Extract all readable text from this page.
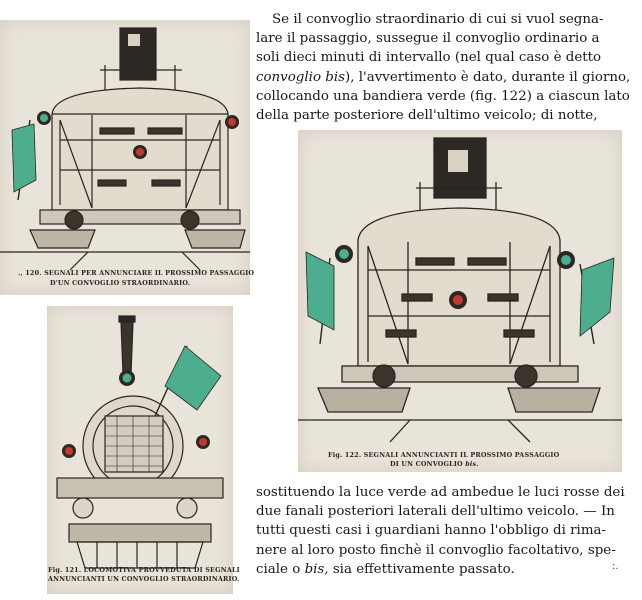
., 120. SEGNALI PER ANNUNCIARE IL PROSSIMO PASSAGGIO
D'UN CONVOGLIO STRAORDINARIO.
Fig. 121. LOCOMOTIVA PROVVEDUTA DI SEGNALI
ANNUNCIANTI UN CONVOGLIO STRAORDINARIO.
Se il convoglio straordinario di cui si vuol segna-
lare il passaggio, sussegue il convoglio ordinario a
soli dieci minuti di intervallo (nel qual caso è detto
convoglio bis), l'avvertimento è dato, durante il giorno,
collocando una bandiera verde (fig. 122) a ciascun lato
della parte posteriore dell'ultimo veicolo; di notte,
Fig. 122. SEGNALI ANNUNCIANTI IL PROSSIMO PASSAGGIO
DI UN CONVOGLIO bis.
sostituendo la luce verde ad ambedue le luci rosse dei
due fanali posteriori laterali dell'ultimo veicolo. — In
tutti questi casi i guardiani hanno l'obbligo di rima-
nere al loro posto finchè il convoglio facoltativo, spe-
ciale o bis, sia effettivamente passato.	:.
